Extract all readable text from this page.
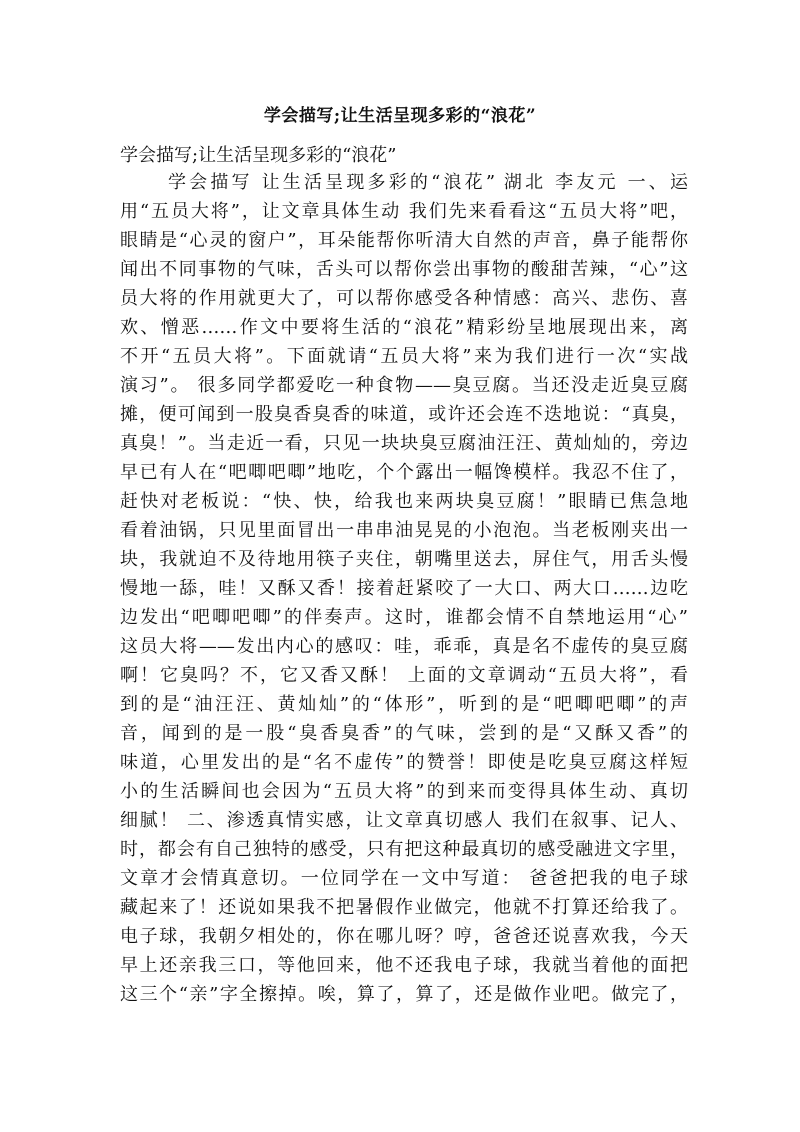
学会描写;让生活呈现多彩的“浪花”
学会描写;让生活呈现多彩的“浪花”
学会描写 让生活呈现多彩的“浪花” 湖北 李友元 一、运
用“五员大将”，让文章具体生动 我们先来看看这“五员大将”吧，
眼睛是“心灵的窗户”，耳朵能帮你听清大自然的声音，鼻子能帮你
闻出不同事物的气味，舌头可以帮你尝出事物的酸甜苦辣，“心”这
员大将的作用就更大了，可以帮你感受各种情感：高兴、悲伤、喜
欢、憎恶……作文中要将生活的“浪花”精彩纷呈地展现出来，离
不开“五员大将”。下面就请“五员大将”来为我们进行一次“实战
演习”。 很多同学都爱吃一种食物——臭豆腐。当还没走近臭豆腐
摊，便可闻到一股臭香臭香的味道，或许还会连不迭地说：“真臭，
真臭！”。当走近一看，只见一块块臭豆腐油汪汪、黄灿灿的，旁边
早已有人在“吧唧吧唧”地吃，个个露出一幅馋模样。我忍不住了，
赶快对老板说：“快、快，给我也来两块臭豆腐！”眼睛已焦急地
看着油锅，只见里面冒出一串串油晃晃的小泡泡。当老板刚夹出一
块，我就迫不及待地用筷子夹住，朝嘴里送去，屏住气，用舌头慢
慢地一舔，哇！又酥又香！接着赶紧咬了一大口、两大口……边吃
边发出“吧唧吧唧”的伴奏声。这时，谁都会情不自禁地运用“心”
这员大将——发出内心的感叹：哇，乖乖，真是名不虚传的臭豆腐
啊！它臭吗？不，它又香又酥！ 上面的文章调动“五员大将”，看
到的是“油汪汪、黄灿灿”的“体形”，听到的是“吧唧吧唧”的声
音，闻到的是一股“臭香臭香”的气味，尝到的是“又酥又香”的
味道，心里发出的是“名不虚传”的赞誉！即使是吃臭豆腐这样短
小的生活瞬间也会因为“五员大将”的到来而变得具体生动、真切
细腻！ 二、渗透真情实感，让文章真切感人 我们在叙事、记人、
时，都会有自己独特的感受，只有把这种最真切的感受融进文字里，
文章才会情真意切。一位同学在一文中写道： 爸爸把我的电子球
藏起来了！还说如果我不把暑假作业做完，他就不打算还给我了。
电子球，我朝夕相处的，你在哪儿呀？哼，爸爸还说喜欢我，今天
早上还亲我三口，等他回来，他不还我电子球，我就当着他的面把
这三个“亲”字全擦掉。唉，算了，算了，还是做作业吧。做完了，
